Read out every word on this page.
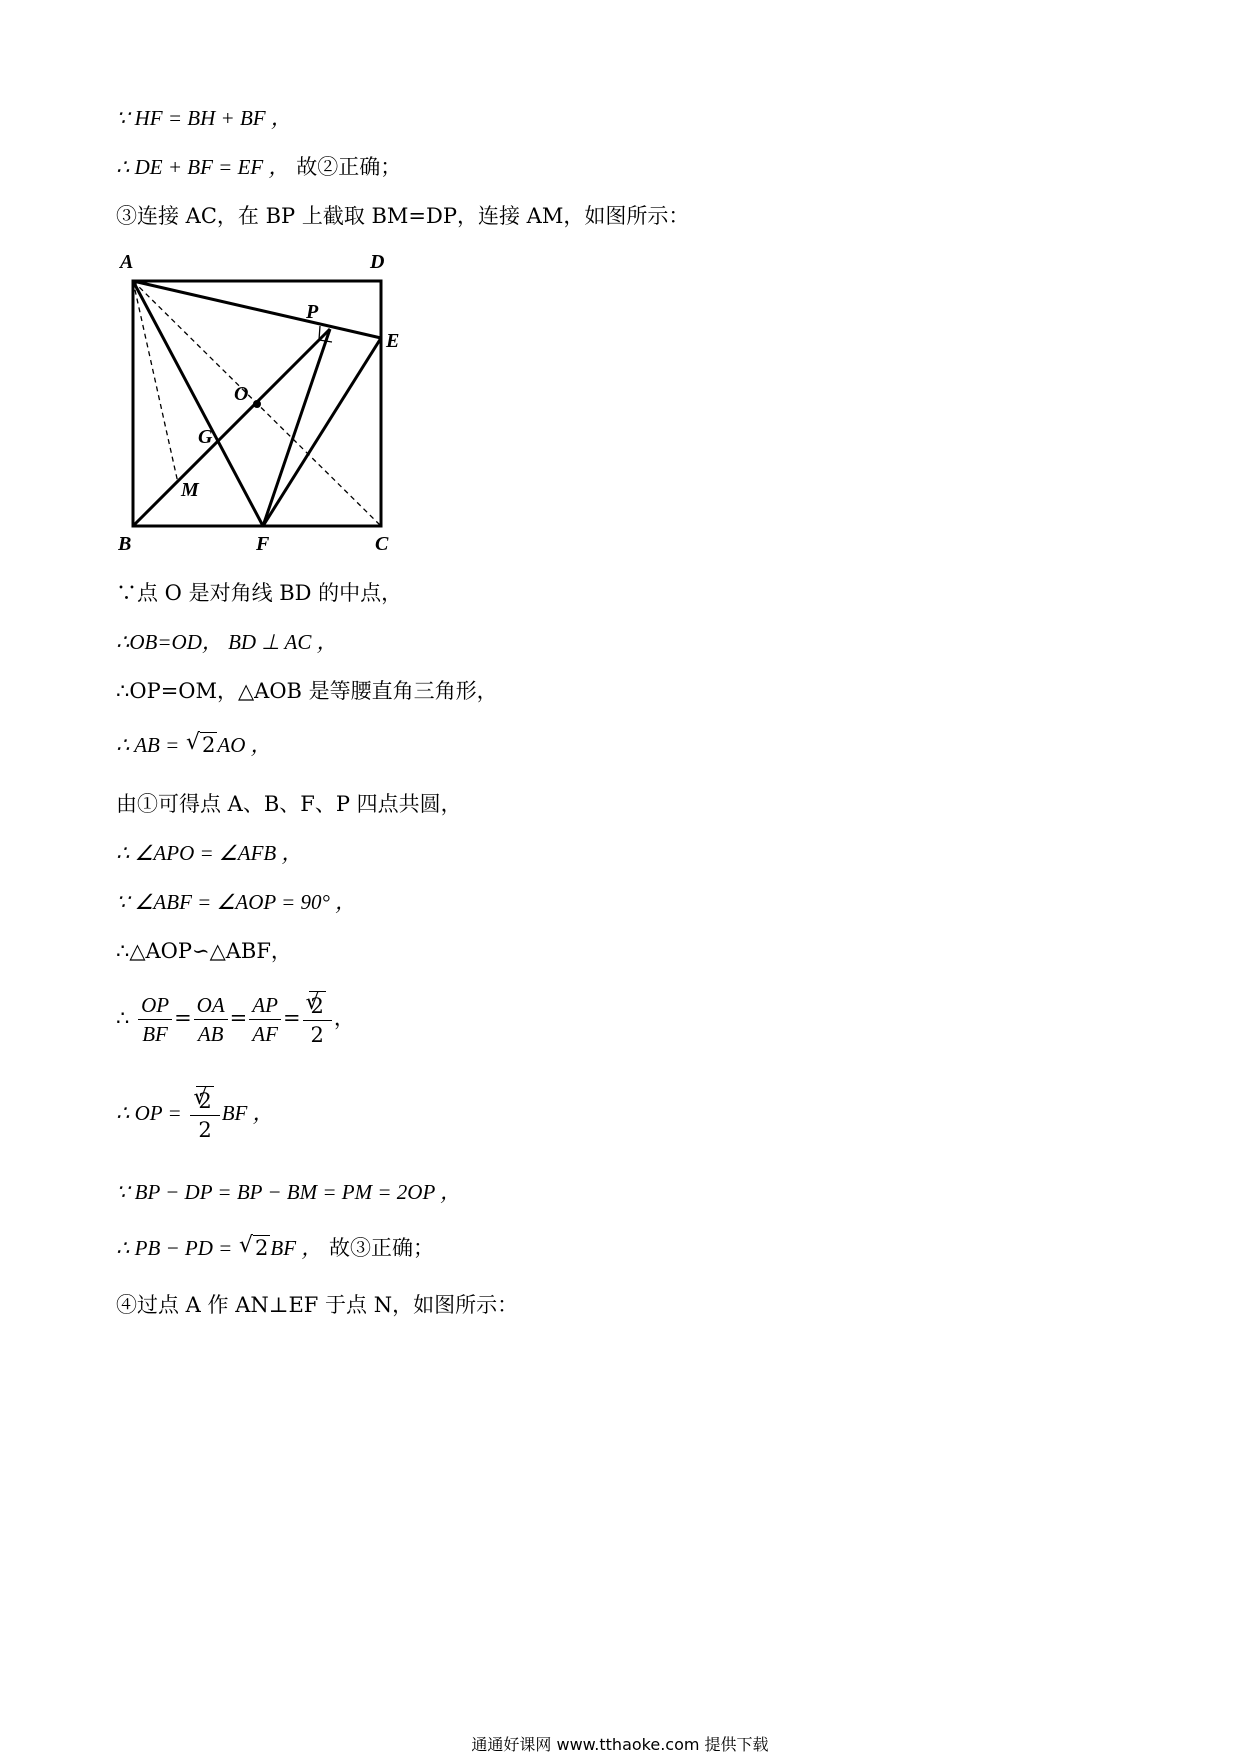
∵ HF = BH + BF ，
∴ DE + BF = EF ， 故②正确；
③连接 AC，在 BP 上截取 BM=DP，连接 AM，如图所示：
A	D
B	F	C
E
P
O
G
M
∵点 O 是对角线 BD 的中点，
∴OB=OD， BD ⊥ AC ，
∴OP=OM，△AOB 是等腰直角三角形，
∴ AB = √ 2AO ，
由①可得点 A、B、F、P 四点共圆，
∴ ∠APO = ∠AFB ，
∵ ∠ABF = ∠AOP = 90° ，
∴△AOP∽△ABF，
∴ $\frac{OP}{BF} = \frac{OA}{AB} = \frac{AP}{AF}$ = √ $\frac{2}{2}$ ，
∴ OP = √ $\frac{2}{2}$ BF ，
∵ BP − DP = BP − BM = PM = 2OP ，
∴ PB − PD = √ 2BF ， 故③正确；
④过点 A 作 AN⊥EF 于点 N，如图所示：
通通好课网 www.tthaoke.com 提供下载
